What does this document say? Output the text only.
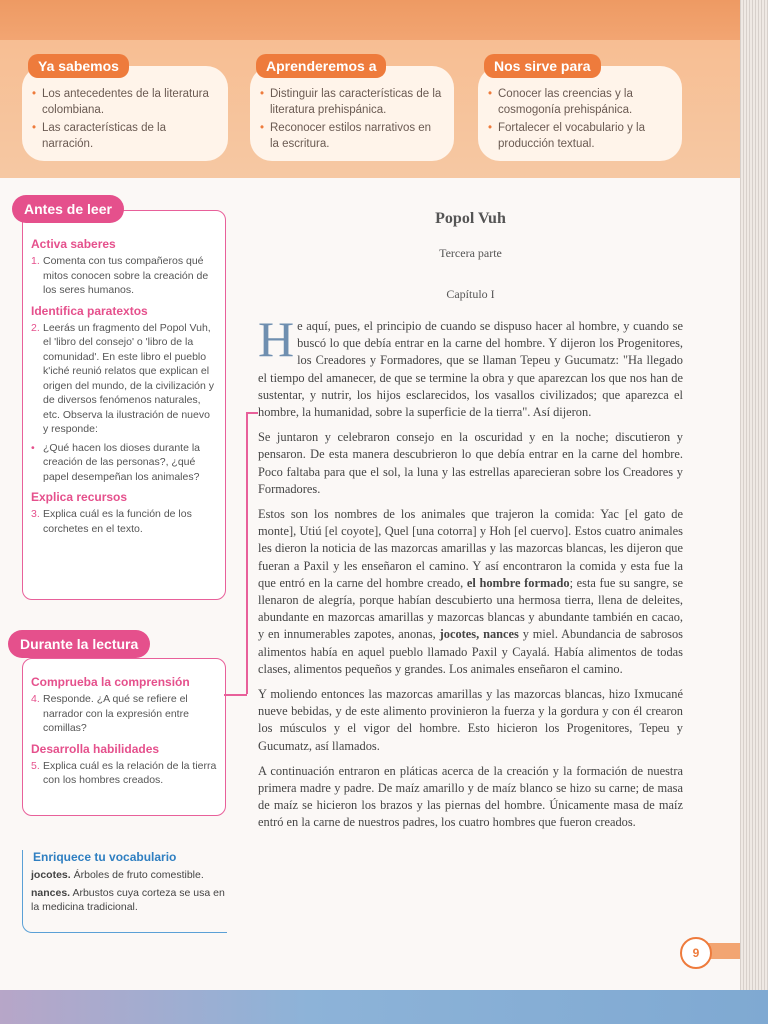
Ya sabemos
• Los antecedentes de la literatura colombiana.
• Las características de la narración.
Aprenderemos a
• Distinguir las características de la literatura prehispánica.
• Reconocer estilos narrativos en la escritura.
Nos sirve para
• Conocer las creencias y la cosmogonía prehispánica.
• Fortalecer el vocabulario y la producción textual.
Activa saberes
1. Comenta con tus compañeros qué mitos conocen sobre la creación de los seres humanos.
Identifica paratextos
2. Leerás un fragmento del Popol Vuh, el 'libro del consejo' o 'libro de la comunidad'. En este libro el pueblo k'iché reunió relatos que explican el origen del mundo, de la civilización y de diversos fenómenos naturales, etc. Observa la ilustración de nuevo y responde:
• ¿Qué hacen los dioses durante la creación de las personas?, ¿qué papel desempeñan los animales?
Explica recursos
3. Explica cuál es la función de los corchetes en el texto.
Antes de leer
Comprueba la comprensión
4. Responde. ¿A qué se refiere el narrador con la expresión entre comillas?
Desarrolla habilidades
5. Explica cuál es la relación de la tierra con los hombres creados.
Durante la lectura
Enriquece tu vocabulario

jocotes. Árboles de fruto comestible.

nances. Arbustos cuya corteza se usa en la medicina tradicional.

Popol Vuh
Tercera parte
Capítulo I

He aquí, pues, el principio de cuando se dispuso hacer al hombre, y cuando se buscó lo que debía entrar en la carne del hombre. Y dijeron los Progenitores, los Creadores y Formadores, que se llaman Tepeu y Gucumatz: "Ha llegado el tiempo del amanecer, de que se termine la obra y que aparezcan los que nos han de sustentar, y nutrir, los hijos esclarecidos, los vasallos civilizados; que aparezca el hombre, la humanidad, sobre la superficie de la tierra". Así dijeron.

Se juntaron y celebraron consejo en la oscuridad y en la noche; discutieron y pensaron. De esta manera descubrieron lo que debía entrar en la carne del hombre. Poco faltaba para que el sol, la luna y las estrellas aparecieran sobre los Creadores y Formadores.

Estos son los nombres de los animales que trajeron la comida: Yac [el gato de monte], Utiú [el coyote], Quel [una cotorra] y Hoh [el cuervo]. Estos cuatro animales les dieron la noticia de las mazorcas amarillas y las mazorcas blancas, les dijeron que fueran a Paxil y les enseñaron el camino. Y así encontraron la comida y esta fue la que entró en la carne del hombre creado, el hombre formado; esta fue su sangre, se llenaron de alegría, porque habían descubierto una hermosa tierra, llena de deleites, abundante en mazorcas amarillas y mazorcas blancas y abundante también en cacao, y en innumerables zapotes, anonas, jocotes, nances y miel. Abundancia de sabrosos alimentos había en aquel pueblo llamado Paxil y Cayalá. Había alimentos de todas clases, alimentos pequeños y grandes. Los animales enseñaron el camino.

Y moliendo entonces las mazorcas amarillas y las mazorcas blancas, hizo Ixmucané nueve bebidas, y de este alimento provinieron la fuerza y la gordura y con él crearon los músculos y el vigor del hombre. Esto hicieron los Progenitores, Tepeu y Gucumatz, así llamados.

A continuación entraron en pláticas acerca de la creación y la formación de nuestra primera madre y padre. De maíz amarillo y de maíz blanco se hizo su carne; de masa de maíz se hicieron los brazos y las piernas del hombre. Únicamente masa de maíz entró en la carne de nuestros padres, los cuatro hombres que fueron creados.

9
